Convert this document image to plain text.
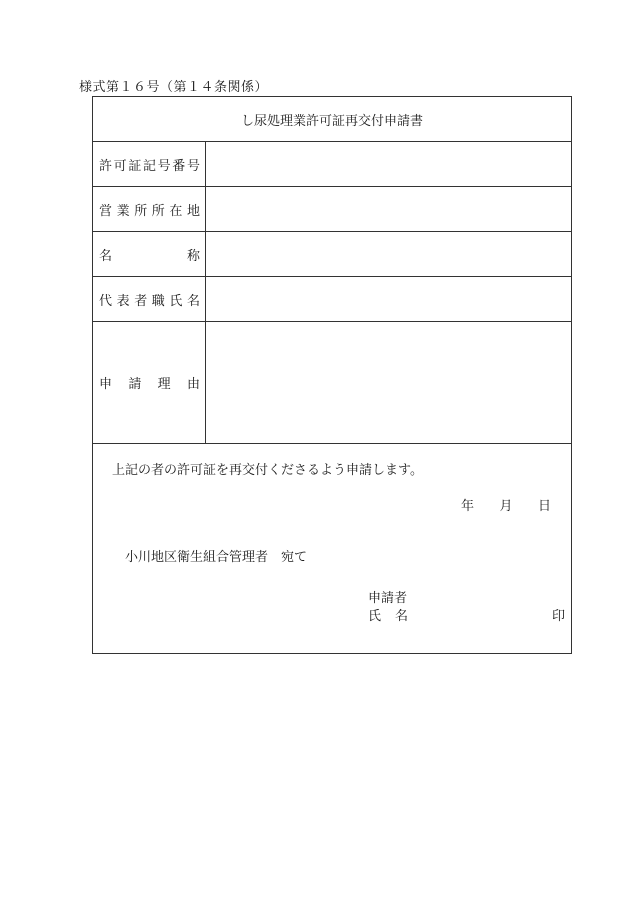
様式第１６号（第１４条関係）
し尿処理業許可証再交付申請書
許 可 証 記 号 番 号
営 業 所 所 在 地
名	称
代 表 者 職 氏 名
申 請 理 由
上記の者の許可証を再交付くださるよう申請します。
年 月 日
小川地区衛生組合管理者　宛て
申請者
氏 名	印
